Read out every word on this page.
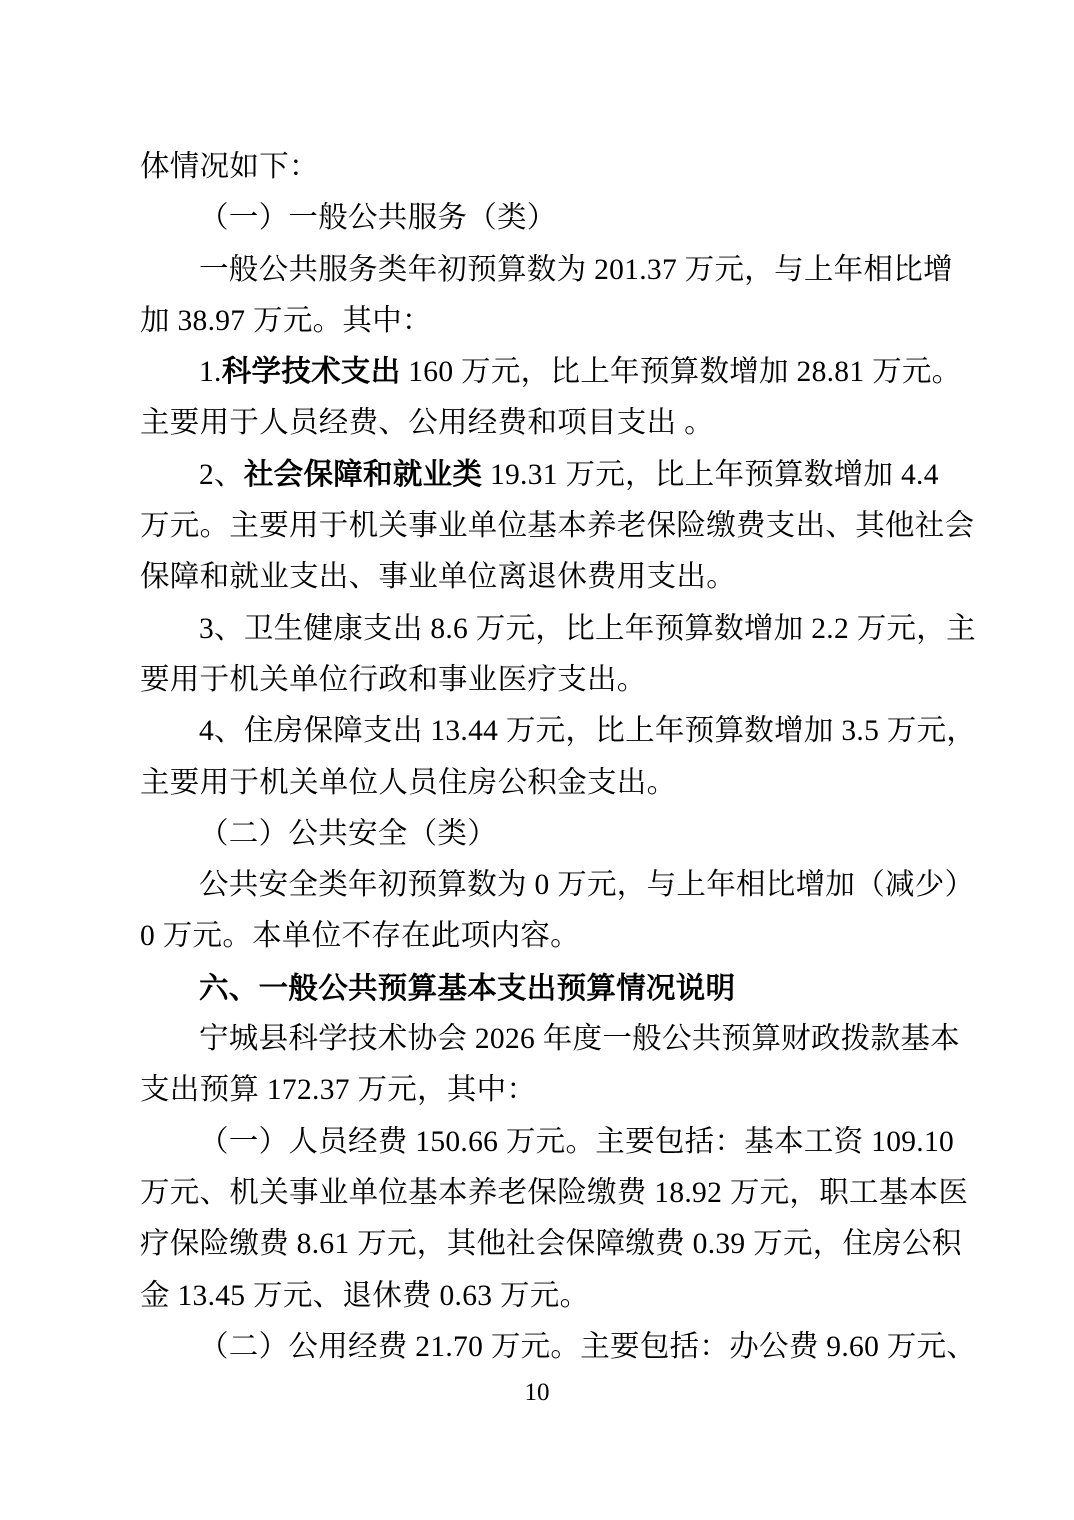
体情况如下：
（一）一般公共服务（类）
一般公共服务类年初预算数为 201.37 万元，与上年相比增
加 38.97 万元。其中：
1.科学技术支出 160 万元，比上年预算数增加 28.81 万元。
主要用于人员经费、公用经费和项目支出 。
2、社会保障和就业类 19.31 万元，比上年预算数增加 4.4
万元。主要用于机关事业单位基本养老保险缴费支出、其他社会
保障和就业支出、事业单位离退休费用支出。
3、卫生健康支出 8.6 万元，比上年预算数增加 2.2 万元，主
要用于机关单位行政和事业医疗支出。
4、住房保障支出 13.44 万元，比上年预算数增加 3.5 万元，
主要用于机关单位人员住房公积金支出。
（二）公共安全（类）
公共安全类年初预算数为 0 万元，与上年相比增加（减少）
0 万元。本单位不存在此项内容。
六、一般公共预算基本支出预算情况说明
宁城县科学技术协会 2026 年度一般公共预算财政拨款基本
支出预算 172.37 万元，其中：
（一）人员经费 150.66 万元。主要包括：基本工资 109.10
万元、机关事业单位基本养老保险缴费 18.92 万元，职工基本医
疗保险缴费 8.61 万元，其他社会保障缴费 0.39 万元，住房公积
金 13.45 万元、退休费 0.63 万元。
（二）公用经费 21.70 万元。主要包括：办公费 9.60 万元、
10
